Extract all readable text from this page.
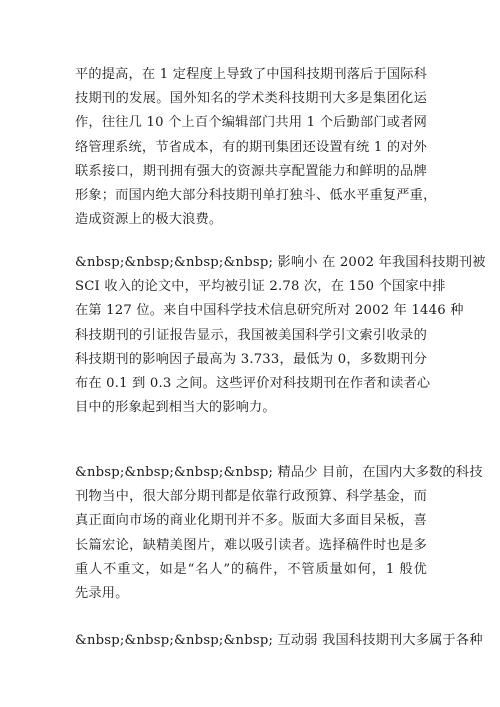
平的提高，在 1 定程度上导致了中国科技期刊落后于国际科
技期刊的发展。国外知名的学术类科技期刊大多是集团化运
作，往往几 10 个上百个编辑部门共用 1 个后勤部门或者网
络管理系统，节省成本，有的期刊集团还设置有统 1 的对外
联系接口，期刊拥有强大的资源共享配置能力和鲜明的品牌
形象；而国内绝大部分科技期刊单打独斗、低水平重复严重，
造成资源上的极大浪费。
&nbsp;&nbsp;&nbsp;&nbsp; 影响小 在 2002 年我国科技期刊被
SCI 收入的论文中，平均被引证 2.78 次，在 150 个国家中排
在第 127 位。来自中国科学技术信息研究所对 2002 年 1446 种
科技期刊的引证报告显示，我国被美国科学引文索引收录的
科技期刊的影响因子最高为 3.733，最低为 0，多数期刊分
布在 0.1 到 0.3 之间。这些评价对科技期刊在作者和读者心
目中的形象起到相当大的影响力。
&nbsp;&nbsp;&nbsp;&nbsp; 精品少 目前，在国内大多数的科技
刊物当中，很大部分期刊都是依靠行政预算、科学基金，而
真正面向市场的商业化期刊并不多。版面大多面目呆板，喜
长篇宏论，缺精美图片，难以吸引读者。选择稿件时也是多
重人不重文，如是“名人”的稿件，不管质量如何，1 般优
先录用。
&nbsp;&nbsp;&nbsp;&nbsp; 互动弱 我国科技期刊大多属于各种
